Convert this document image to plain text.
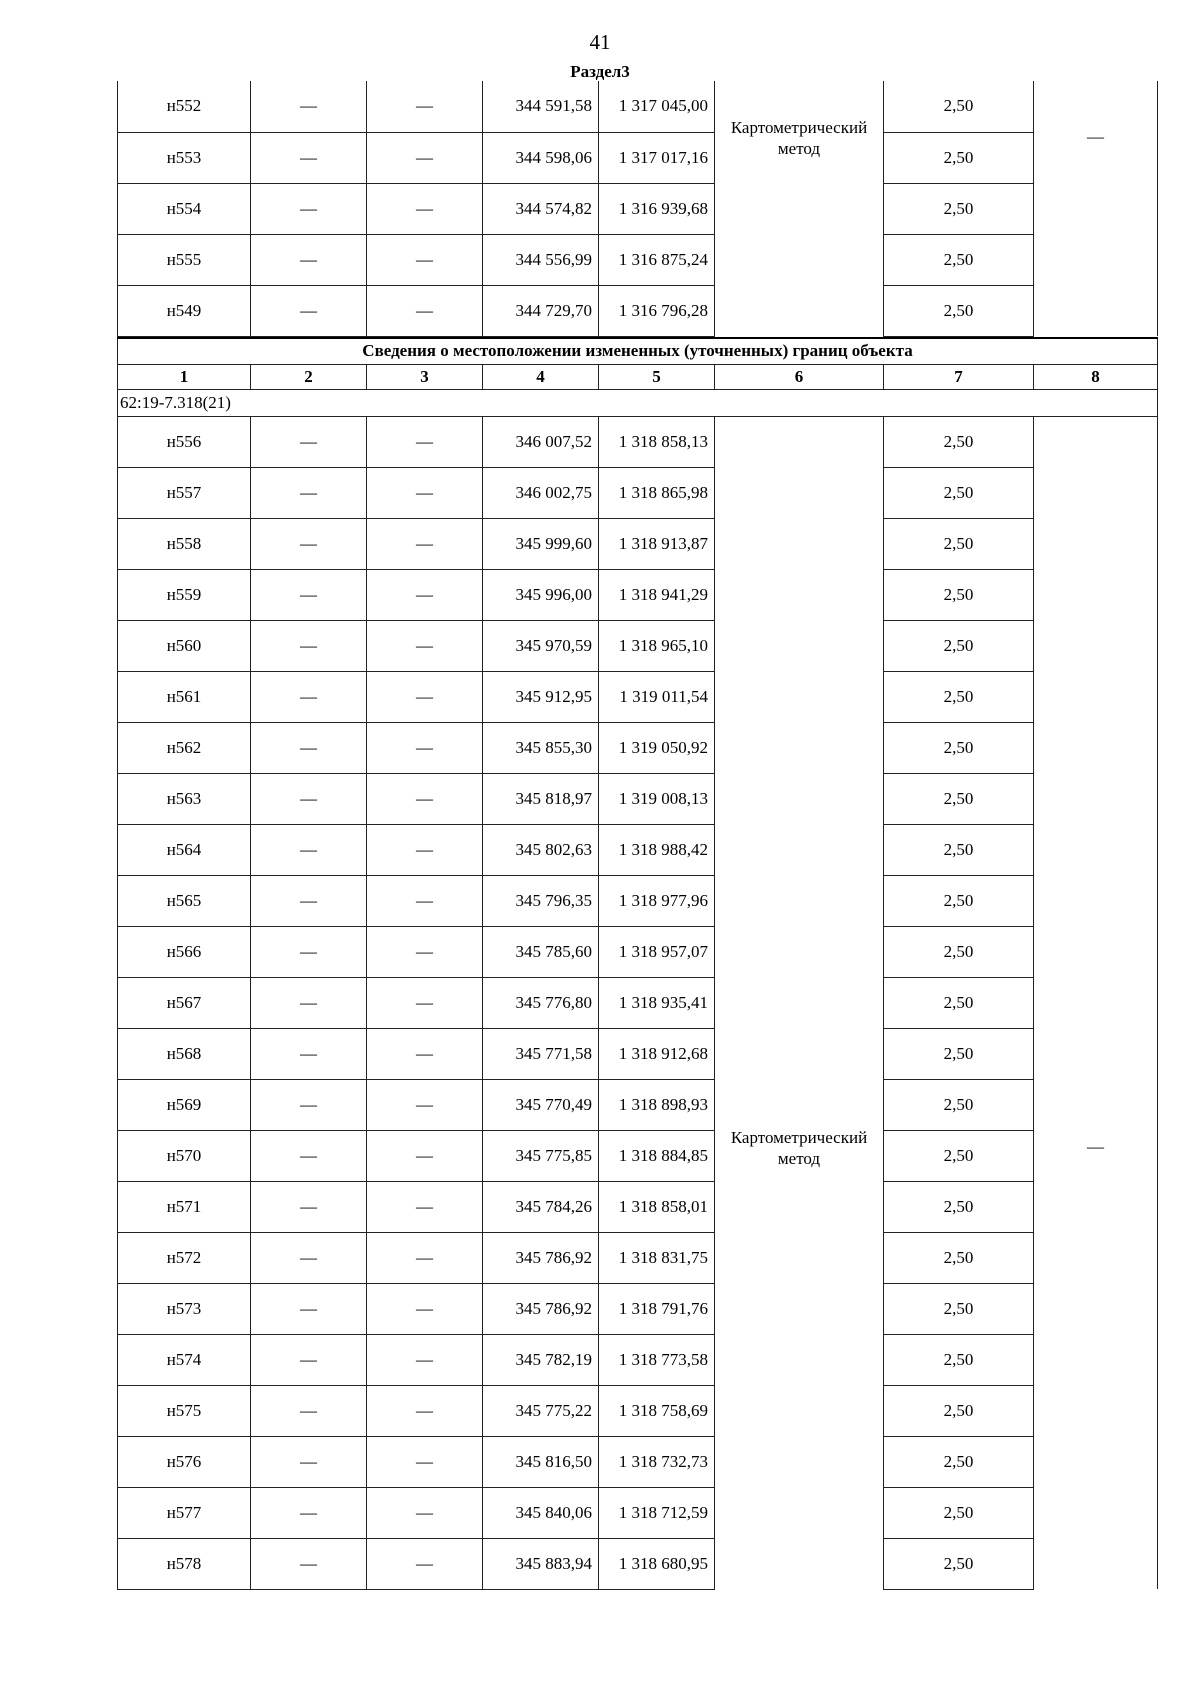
41
Раздел3
н552	—	—	344 591,58	1 317 045,00	Картометрический метод	2,50	—

н553	—	—	344 598,06	1 317 017,16		2,50	
н554	—	—	344 574,82	1 316 939,68		2,50	
н555	—	—	344 556,99	1 316 875,24		2,50	
н549	—	—	344 729,70	1 316 796,28		2,50	
Сведения о местоположении измененных (уточненных) границ объекта							
1	2	3	4	5	6	7	8
62:19-7.318(21)							
н556	—	—	346 007,52	1 318 858,13	Картометрический метод	2,50	—

н557	—	—	346 002,75	1 318 865,98		2,50	
н558	—	—	345 999,60	1 318 913,87		2,50	
н559	—	—	345 996,00	1 318 941,29		2,50	
н560	—	—	345 970,59	1 318 965,10		2,50	
н561	—	—	345 912,95	1 319 011,54		2,50	
н562	—	—	345 855,30	1 319 050,92		2,50	
н563	—	—	345 818,97	1 319 008,13		2,50	
н564	—	—	345 802,63	1 318 988,42		2,50	
н565	—	—	345 796,35	1 318 977,96		2,50	
н566	—	—	345 785,60	1 318 957,07		2,50	
н567	—	—	345 776,80	1 318 935,41		2,50	
н568	—	—	345 771,58	1 318 912,68		2,50	
н569	—	—	345 770,49	1 318 898,93		2,50	
н570	—	—	345 775,85	1 318 884,85		2,50	
н571	—	—	345 784,26	1 318 858,01		2,50	
н572	—	—	345 786,92	1 318 831,75		2,50	
н573	—	—	345 786,92	1 318 791,76		2,50	
н574	—	—	345 782,19	1 318 773,58		2,50	
н575	—	—	345 775,22	1 318 758,69		2,50	
н576	—	—	345 816,50	1 318 732,73		2,50	
н577	—	—	345 840,06	1 318 712,59		2,50	
н578	—	—	345 883,94	1 318 680,95		2,50	
